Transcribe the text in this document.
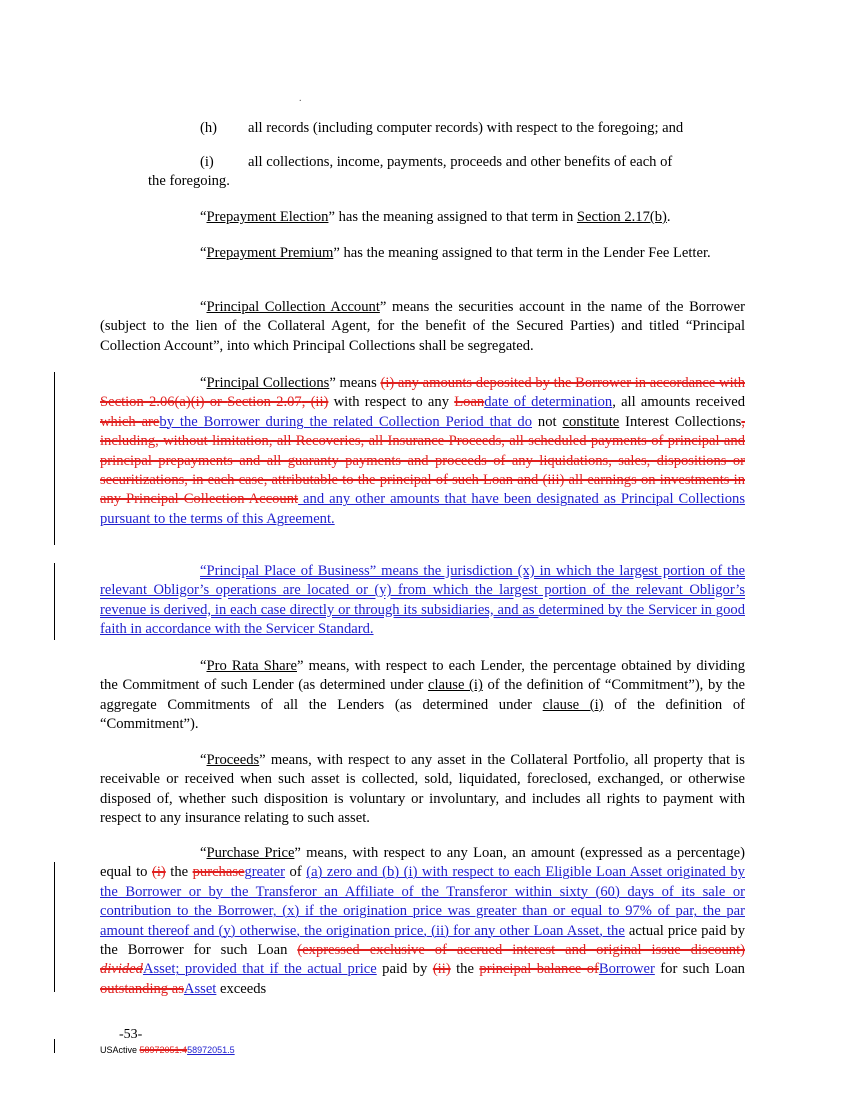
.

(h) all records (including computer records) with respect to the foregoing; and

(i) all collections, income, payments, proceeds and other benefits of each of
the foregoing.

“Prepayment Election” has the meaning assigned to that term in Section 2.17(b).

“Prepayment Premium” has the meaning assigned to that term in the Lender Fee Letter.

“Principal Collection Account” means the securities account in the name of the Borrower (subject to the lien of the Collateral Agent, for the benefit of the Secured Parties) and titled “Principal Collection Account”, into which Principal Collections shall be segregated.

“Principal Collections” means (i) any amounts deposited by the Borrower in accordance with Section 2.06(a)(i) or Section 2.07, (ii) with respect to any Loandate of determination, all amounts received which areby the Borrower during the related Collection Period that do not constitute Interest Collections, including, without limitation, all Recoveries, all Insurance Proceeds, all scheduled payments of principal and principal prepayments and all guaranty payments and proceeds of any liquidations, sales, dispositions or securitizations, in each case, attributable to the principal of such Loan and (iii) all earnings on investments in any Principal Collection Account and any other amounts that have been designated as Principal Collections pursuant to the terms of this Agreement.

“Principal Place of Business” means the jurisdiction (x) in which the largest portion of the relevant Obligor’s operations are located or (y) from which the largest portion of the relevant Obligor’s revenue is derived, in each case directly or through its subsidiaries, and as determined by the Servicer in good faith in accordance with the Servicer Standard.

“Pro Rata Share” means, with respect to each Lender, the percentage obtained by dividing the Commitment of such Lender (as determined under clause (i) of the definition of “Commitment”), by the aggregate Commitments of all the Lenders (as determined under clause (i) of the definition of “Commitment”).

“Proceeds” means, with respect to any asset in the Collateral Portfolio, all property that is receivable or received when such asset is collected, sold, liquidated, foreclosed, exchanged, or otherwise disposed of, whether such disposition is voluntary or involuntary, and includes all rights to payment with respect to any insurance relating to such asset.

“Purchase Price” means, with respect to any Loan, an amount (expressed as a percentage) equal to (i) the purchasegreater of (a) zero and (b) (i) with respect to each Eligible Loan Asset originated by the Borrower or by the Transferor an Affiliate of the Transferor within sixty (60) days of its sale or contribution to the Borrower, (x) if the origination price was greater than or equal to 97% of par, the par amount thereof and (y) otherwise, the origination price, (ii) for any other Loan Asset, the actual price paid by the Borrower for such Loan (expressed exclusive of accrued interest and original issue discount) dividedAsset; provided that if the actual price paid by (ii) the principal balance ofBorrower for such Loan outstanding asAsset exceeds

-53-
USActive 58972051.458972051.5
